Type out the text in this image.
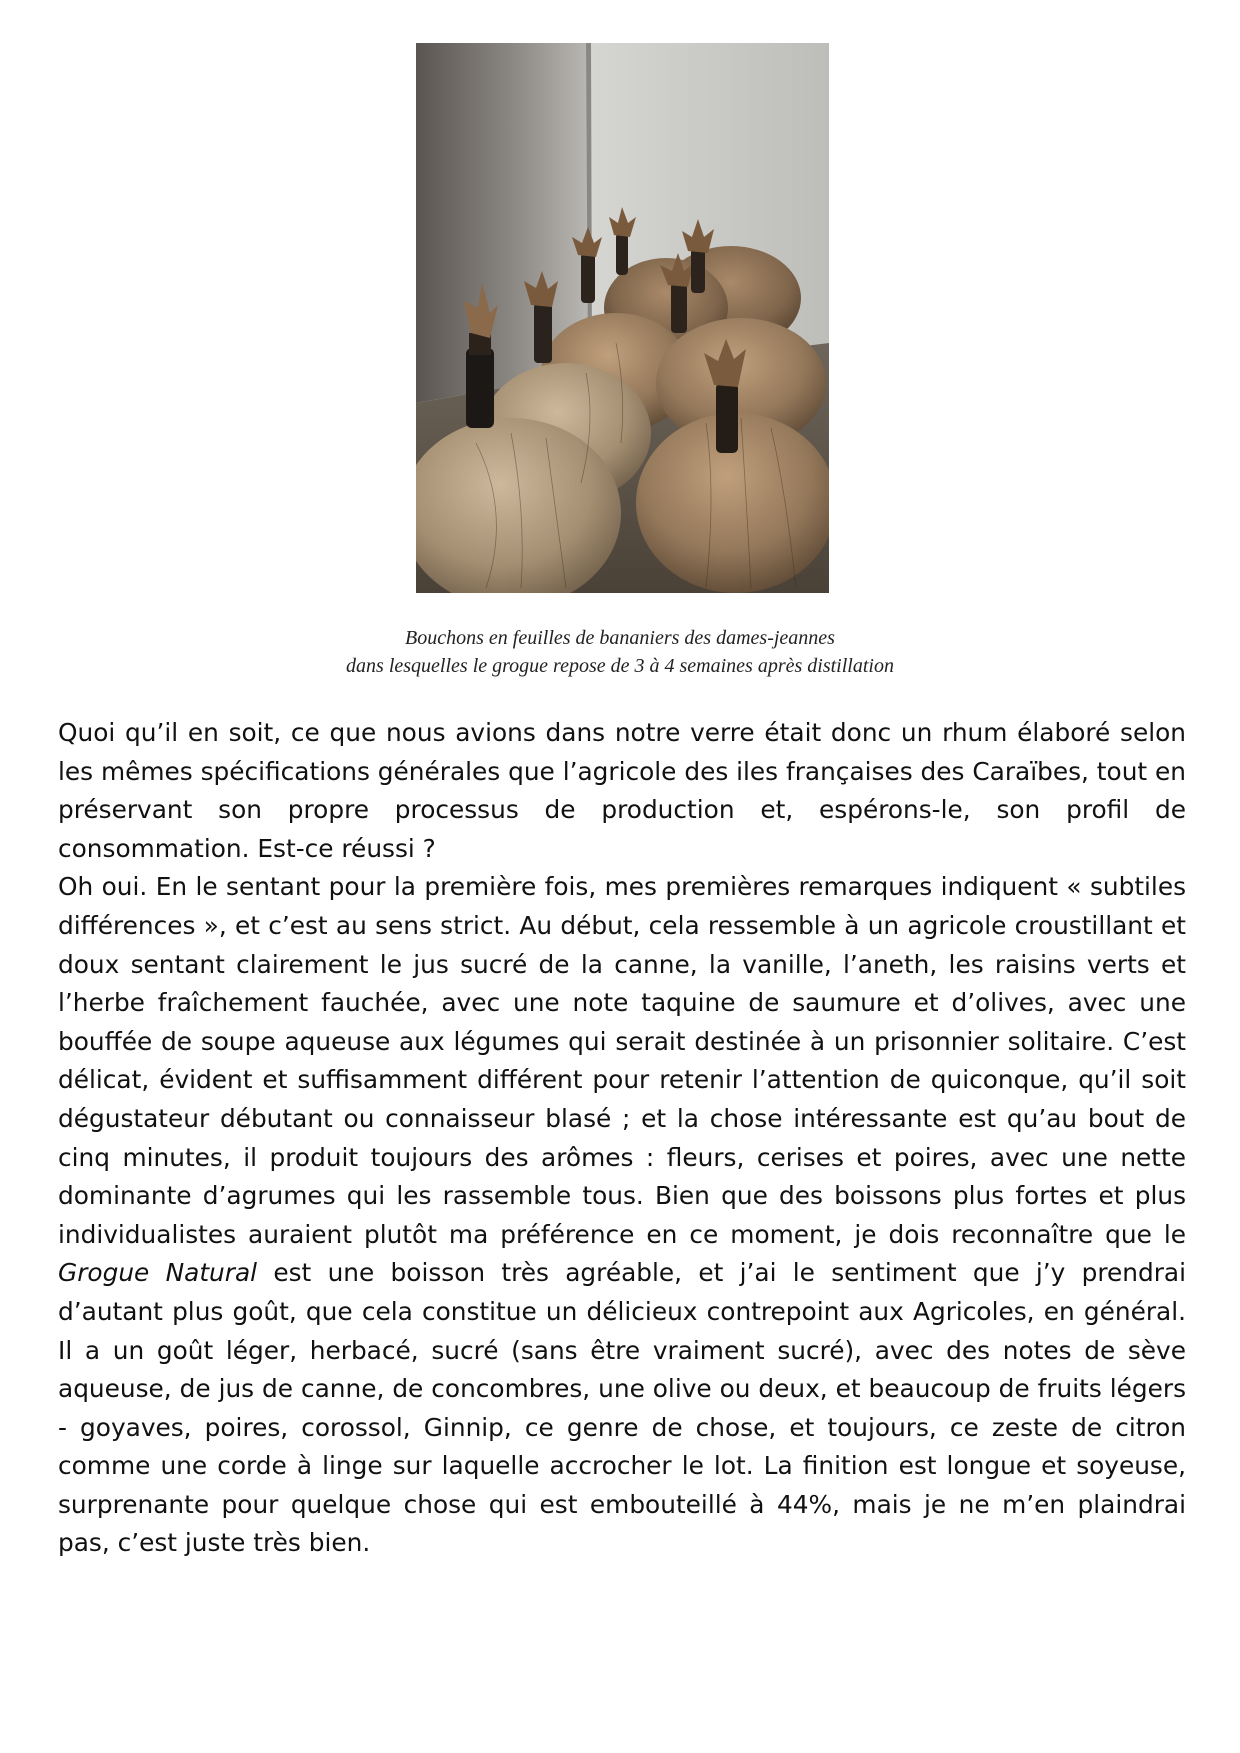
Bouchons en feuilles de bananiers des dames-jeannes
dans lesquelles le grogue repose de 3 à 4 semaines après distillation

Quoi qu’il en soit, ce que nous avions dans notre verre était donc un rhum élaboré selon les mêmes spécifications générales que l’agricole des iles françaises des Caraïbes, tout en préservant son propre processus de production et, espérons-le, son profil de consommation. Est-ce réussi ?

Oh oui. En le sentant pour la première fois, mes premières remarques indiquent « subtiles différences », et c’est au sens strict. Au début, cela ressemble à un agricole croustillant et doux sentant clairement le jus sucré de la canne, la vanille, l’aneth, les raisins verts et l’herbe fraîchement fauchée, avec une note taquine de saumure et d’olives, avec une bouffée de soupe aqueuse aux légumes qui serait destinée à un prisonnier solitaire. C’est délicat, évident et suffisamment différent pour retenir l’attention de quiconque, qu’il soit dégustateur débutant ou connaisseur blasé ; et la chose intéressante est qu’au bout de cinq minutes, il produit toujours des arômes : fleurs, cerises et poires, avec une nette dominante d’agrumes qui les rassemble tous. Bien que des boissons plus fortes et plus individualistes auraient plutôt ma préférence en ce moment, je dois reconnaître que le Grogue Natural est une boisson très agréable, et j’ai le sentiment que j’y prendrai d’autant plus goût, que cela constitue un délicieux contrepoint aux Agricoles, en général. Il a un goût léger, herbacé, sucré (sans être vraiment sucré), avec des notes de sève aqueuse, de jus de canne, de concombres, une olive ou deux, et beaucoup de fruits légers - goyaves, poires, corossol, Ginnip, ce genre de chose, et toujours, ce zeste de citron comme une corde à linge sur laquelle accrocher le lot. La finition est longue et soyeuse, surprenante pour quelque chose qui est embouteillé à 44%, mais je ne m’en plaindrai pas, c’est juste très bien.
